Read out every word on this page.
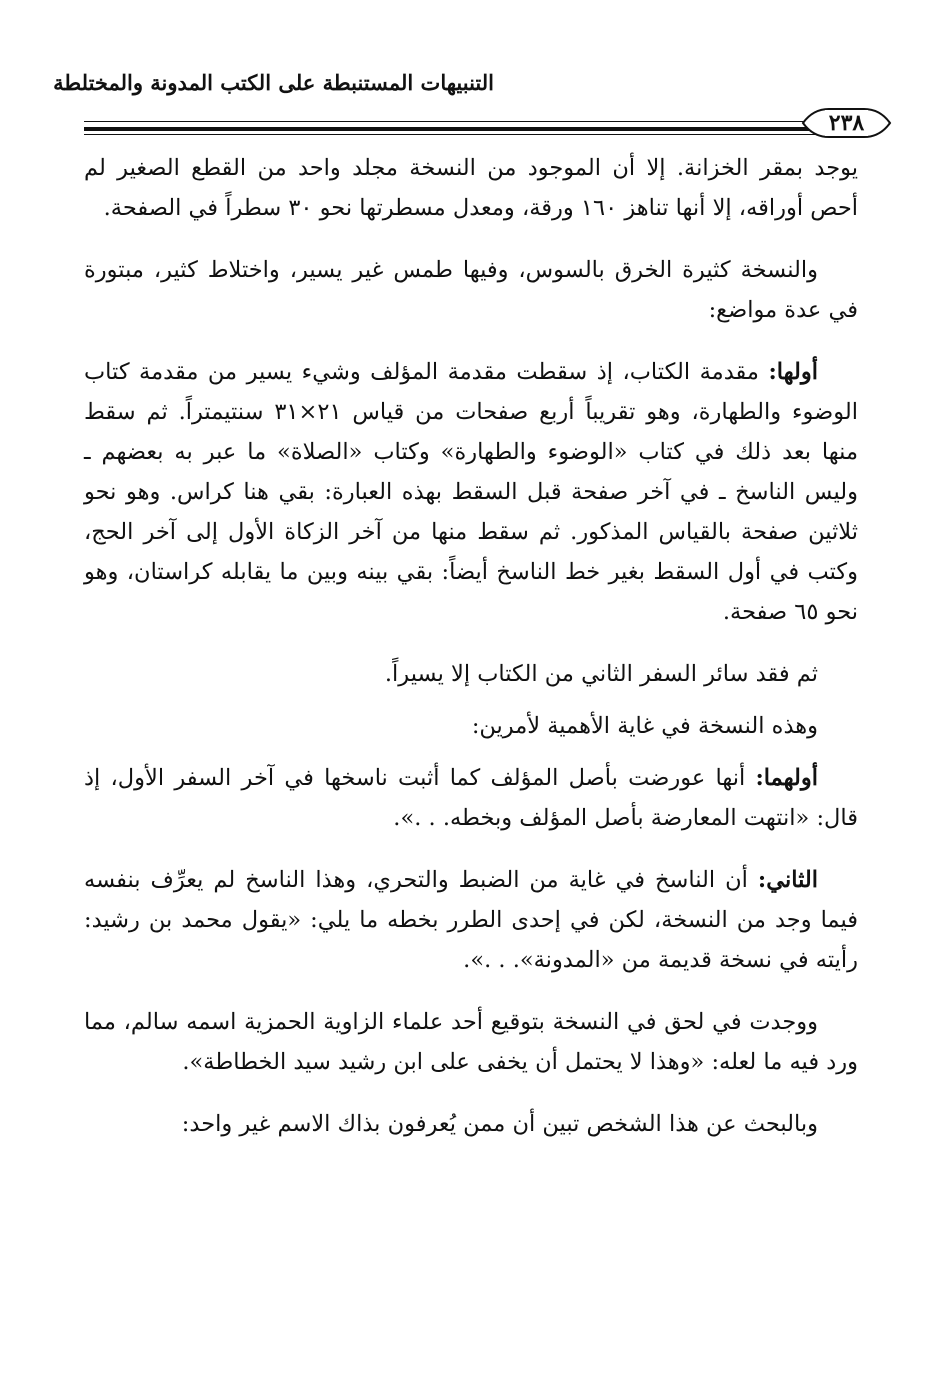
التنبيهات المستنبطة على الكتب المدونة والمختلطة
٢٣٨

يوجد بمقر الخزانة. إلا أن الموجود من النسخة مجلد واحد من القطع الصغير لم أحص أوراقه، إلا أنها تناهز ١٦٠ ورقة، ومعدل مسطرتها نحو ٣٠ سطراً في الصفحة.

والنسخة كثيرة الخرق بالسوس، وفيها طمس غير يسير، واختلاط كثير، مبتورة في عدة مواضع:

أولها: مقدمة الكتاب، إذ سقطت مقدمة المؤلف وشيء يسير من مقدمة كتاب الوضوء والطهارة، وهو تقريباً أربع صفحات من قياس ٢١×٣١ سنتيمتراً. ثم سقط منها بعد ذلك في كتاب «الوضوء والطهارة» وكتاب «الصلاة» ما عبر به بعضهم ـ وليس الناسخ ـ في آخر صفحة قبل السقط بهذه العبارة: بقي هنا كراس. وهو نحو ثلاثين صفحة بالقياس المذكور. ثم سقط منها من آخر الزكاة الأول إلى آخر الحج، وكتب في أول السقط بغير خط الناسخ أيضاً: بقي بينه وبين ما يقابله كراستان، وهو نحو ٦٥ صفحة.

ثم فقد سائر السفر الثاني من الكتاب إلا يسيراً.

وهذه النسخة في غاية الأهمية لأمرين:

أولهما: أنها عورضت بأصل المؤلف كما أثبت ناسخها في آخر السفر الأول، إذ قال: «انتهت المعارضة بأصل المؤلف وبخطه. . .».

الثاني: أن الناسخ في غاية من الضبط والتحري، وهذا الناسخ لم يعرِّف بنفسه فيما وجد من النسخة، لكن في إحدى الطرر بخطه ما يلي: «يقول محمد بن رشيد: رأيته في نسخة قديمة من «المدونة». . .».

ووجدت في لحق في النسخة بتوقيع أحد علماء الزاوية الحمزية اسمه سالم، مما ورد فيه ما لعله: «وهذا لا يحتمل أن يخفى على ابن رشيد سيد الخطاطة».

وبالبحث عن هذا الشخص تبين أن ممن يُعرفون بذاك الاسم غير واحد:
